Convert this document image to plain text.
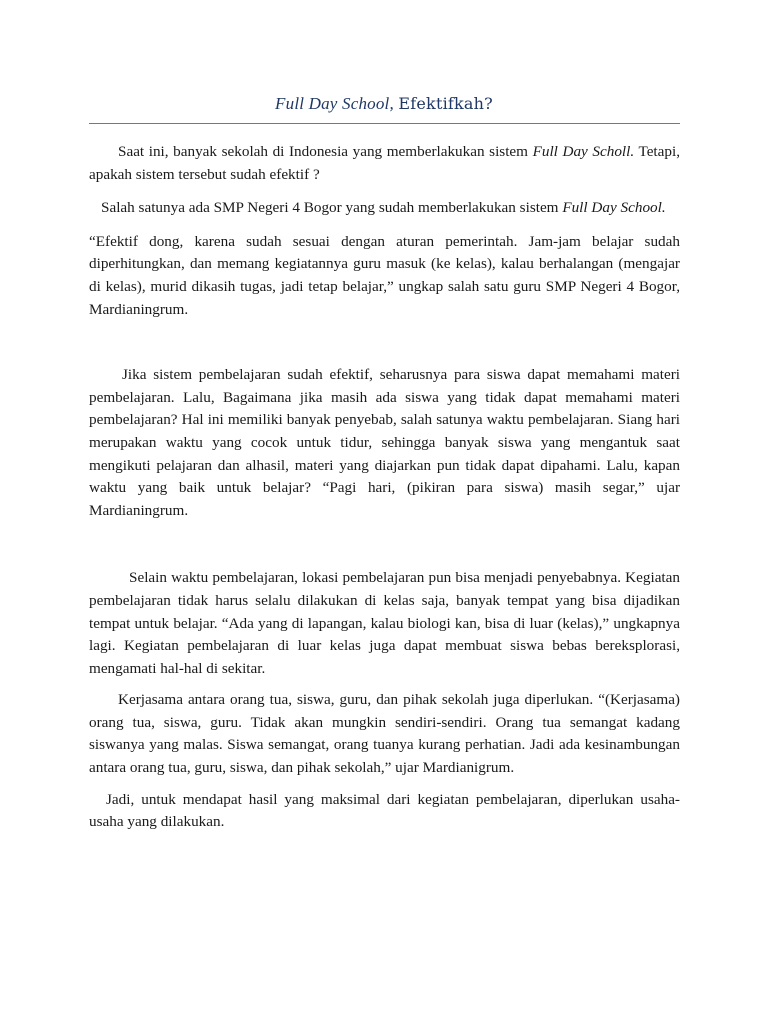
Full Day School, Efektifkah?

Saat ini, banyak sekolah di Indonesia yang memberlakukan sistem Full Day Scholl. Tetapi, apakah sistem tersebut sudah efektif ?

Salah satunya ada SMP Negeri 4 Bogor yang sudah memberlakukan sistem Full Day School.

“Efektif dong, karena sudah sesuai dengan aturan pemerintah. Jam-jam belajar sudah diperhitungkan, dan memang kegiatannya guru masuk (ke kelas), kalau berhalangan (mengajar di kelas), murid dikasih tugas, jadi tetap belajar,” ungkap salah satu guru SMP Negeri 4 Bogor, Mardianingrum.

Jika sistem pembelajaran sudah efektif, seharusnya para siswa dapat memahami materi pembelajaran. Lalu, Bagaimana jika masih ada siswa yang tidak dapat memahami materi pembelajaran? Hal ini memiliki banyak penyebab, salah satunya waktu pembelajaran. Siang hari merupakan waktu yang cocok untuk tidur, sehingga banyak siswa yang mengantuk saat mengikuti pelajaran dan alhasil, materi yang diajarkan pun tidak dapat dipahami. Lalu, kapan waktu yang baik untuk belajar? “Pagi hari, (pikiran para siswa) masih segar,” ujar Mardianingrum.

Selain waktu pembelajaran, lokasi pembelajaran pun bisa menjadi penyebabnya. Kegiatan pembelajaran tidak harus selalu dilakukan di kelas saja, banyak tempat yang bisa dijadikan tempat untuk belajar. “Ada yang di lapangan, kalau biologi kan, bisa di luar (kelas),” ungkapnya lagi. Kegiatan pembelajaran di luar kelas juga dapat membuat siswa bebas bereksplorasi, mengamati hal-hal di sekitar.

Kerjasama antara orang tua, siswa, guru, dan pihak sekolah juga diperlukan. “(Kerjasama) orang tua, siswa, guru. Tidak akan mungkin sendiri-sendiri. Orang tua semangat kadang siswanya yang malas. Siswa semangat, orang tuanya kurang perhatian. Jadi ada kesinambungan antara orang tua, guru, siswa, dan pihak sekolah,” ujar Mardianigrum.

Jadi, untuk mendapat hasil yang maksimal dari kegiatan pembelajaran, diperlukan usaha- usaha yang dilakukan.
